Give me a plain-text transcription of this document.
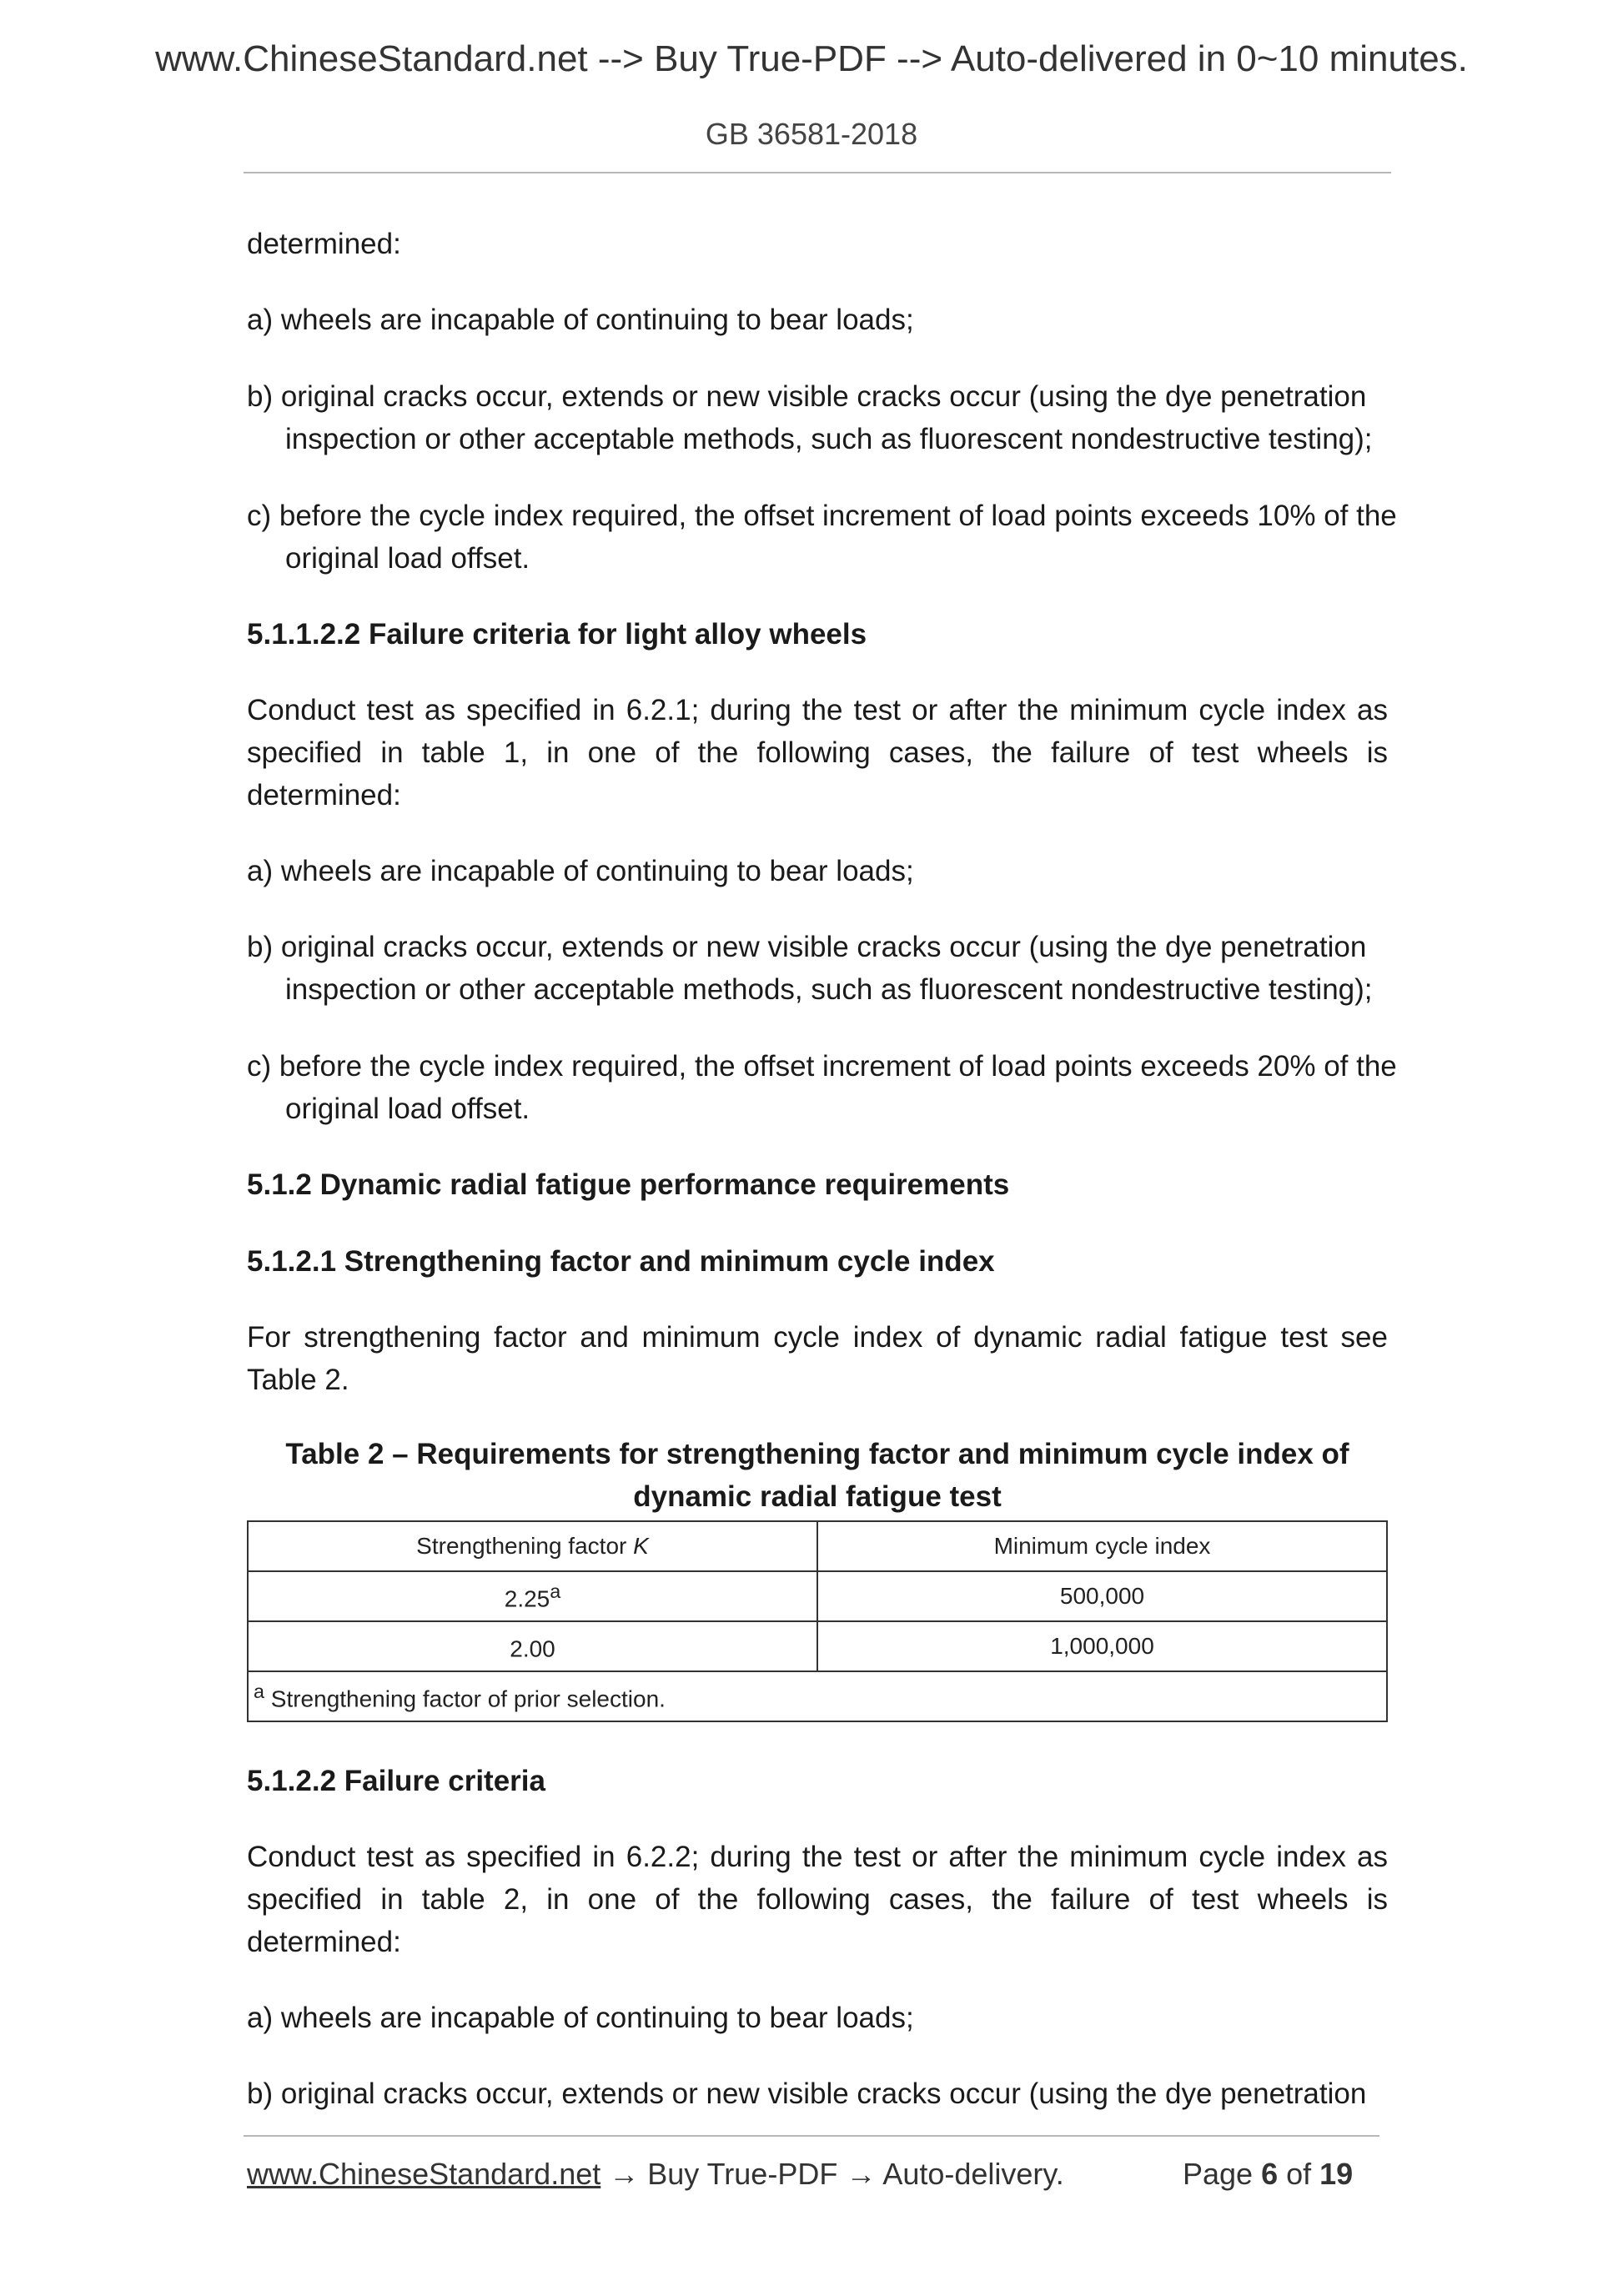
www.ChineseStandard.net --> Buy True-PDF --> Auto-delivered in 0~10 minutes.
GB 36581-2018

determined:

a) wheels are incapable of continuing to bear loads;

b) original cracks occur, extends or new visible cracks occur (using the dye penetration inspection or other acceptable methods, such as fluorescent nondestructive testing);

c) before the cycle index required, the offset increment of load points exceeds 10% of the original load offset.

5.1.1.2.2 Failure criteria for light alloy wheels

Conduct test as specified in 6.2.1; during the test or after the minimum cycle index as specified in table 1, in one of the following cases, the failure of test wheels is determined:

a) wheels are incapable of continuing to bear loads;

b) original cracks occur, extends or new visible cracks occur (using the dye penetration inspection or other acceptable methods, such as fluorescent nondestructive testing);

c) before the cycle index required, the offset increment of load points exceeds 20% of the original load offset.

5.1.2 Dynamic radial fatigue performance requirements

5.1.2.1 Strengthening factor and minimum cycle index

For strengthening factor and minimum cycle index of dynamic radial fatigue test see Table 2.

Table 2 – Requirements for strengthening factor and minimum cycle index of dynamic radial fatigue test

Strengthening factor K	Minimum cycle index
2.25$^a$	500,000
2.00	1,000,000
$^a$ Strengthening factor of prior selection.	

5.1.2.2 Failure criteria

Conduct test as specified in 6.2.2; during the test or after the minimum cycle index as specified in table 2, in one of the following cases, the failure of test wheels is determined:

a) wheels are incapable of continuing to bear loads;

b) original cracks occur, extends or new visible cracks occur (using the dye penetration

www.ChineseStandard.net → Buy True-PDF → Auto-delivery.	Page 6 of 19
